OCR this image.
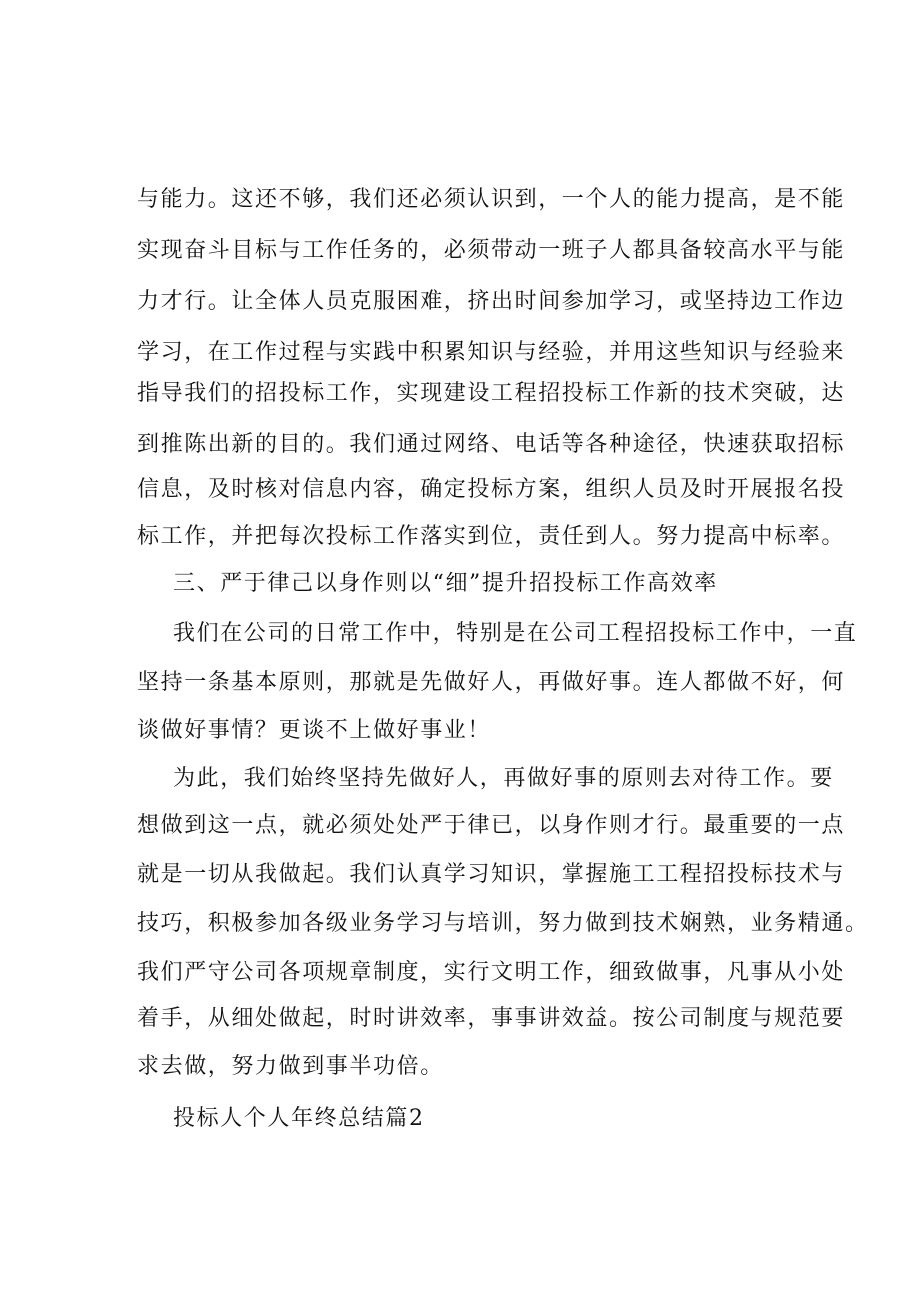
与能力。这还不够，我们还必须认识到，一个人的能力提高，是不能
实现奋斗目标与工作任务的，必须带动一班子人都具备较高水平与能
力才行。让全体人员克服困难，挤出时间参加学习，或坚持边工作边
学习，在工作过程与实践中积累知识与经验，并用这些知识与经验来
指导我们的招投标工作，实现建设工程招投标工作新的技术突破，达
到推陈出新的目的。我们通过网络、电话等各种途径，快速获取招标
信息，及时核对信息内容，确定投标方案，组织人员及时开展报名投
标工作，并把每次投标工作落实到位，责任到人。努力提高中标率。
三、严于律己以身作则以“细”提升招投标工作高效率
我们在公司的日常工作中，特别是在公司工程招投标工作中，一直
坚持一条基本原则，那就是先做好人，再做好事。连人都做不好，何
谈做好事情？更谈不上做好事业！
为此，我们始终坚持先做好人，再做好事的原则去对待工作。要
想做到这一点，就必须处处严于律已，以身作则才行。最重要的一点
就是一切从我做起。我们认真学习知识，掌握施工工程招投标技术与
技巧，积极参加各级业务学习与培训，努力做到技术娴熟，业务精通。
我们严守公司各项规章制度，实行文明工作，细致做事，凡事从小处
着手，从细处做起，时时讲效率，事事讲效益。按公司制度与规范要
求去做，努力做到事半功倍。
投标人个人年终总结篇2
